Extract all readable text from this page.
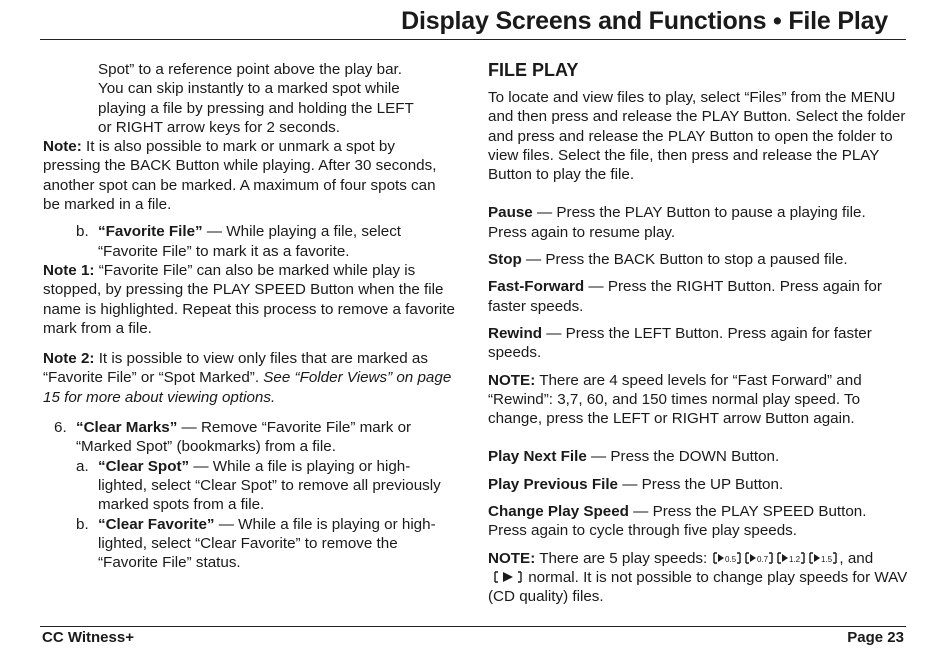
Display Screens and Functions • File Play
Spot” to a reference point above the play bar.
You can skip instantly to a marked spot while
playing a file by pressing and holding the LEFT
or RIGHT arrow keys for 2 seconds.
Note: It is also possible to mark or unmark a spot by pressing the BACK Button while playing. After 30 seconds, another spot can be marked. A maximum of four spots can be marked in a file.
b. “Favorite File” — While playing a file, select “Favorite File” to mark it as a favorite.
Note 1: “Favorite File” can also be marked while play is stopped, by pressing the PLAY SPEED Button when the file name is highlighted. Repeat this process to remove a favorite mark from a file.
Note 2: It is possible to view only files that are marked as “Favorite File” or “Spot Marked”. See “Folder Views” on page 15 for more about viewing options.
6. “Clear Marks” — Remove “Favorite File” mark or “Marked Spot” (bookmarks) from a file.
a. “Clear Spot” — While a file is playing or high-lighted, select “Clear Spot” to remove all previously marked spots from a file.
b. “Clear Favorite” — While a file is playing or high-lighted, select “Clear Favorite” to remove the “Favorite File” status.
FILE PLAY
To locate and view files to play, select “Files” from the MENU and then press and release the PLAY Button. Select the folder and press and release the PLAY Button to open the folder to view files. Select the file, then press and release the PLAY Button to play the file.
Pause — Press the PLAY Button to pause a playing file. Press again to resume play.
Stop — Press the BACK Button to stop a paused file.
Fast-Forward — Press the RIGHT Button. Press again for faster speeds.
Rewind — Press the LEFT Button. Press again for faster speeds.
NOTE: There are 4 speed levels for “Fast Forward” and “Rewind”: 3,7, 60, and 150 times normal play speed. To change, press the LEFT or RIGHT arrow Button again.
Play Next File — Press the DOWN Button.
Play Previous File — Press the UP Button.
Change Play Speed — Press the PLAY SPEED Button. Press again to cycle through five play speeds.
NOTE: There are 5 play speeds: 0.5	0.7	1.2	1.5 , and

normal. It is not possible to change play speeds for WAV (CD quality) files.
CC Witness+	Page 23
